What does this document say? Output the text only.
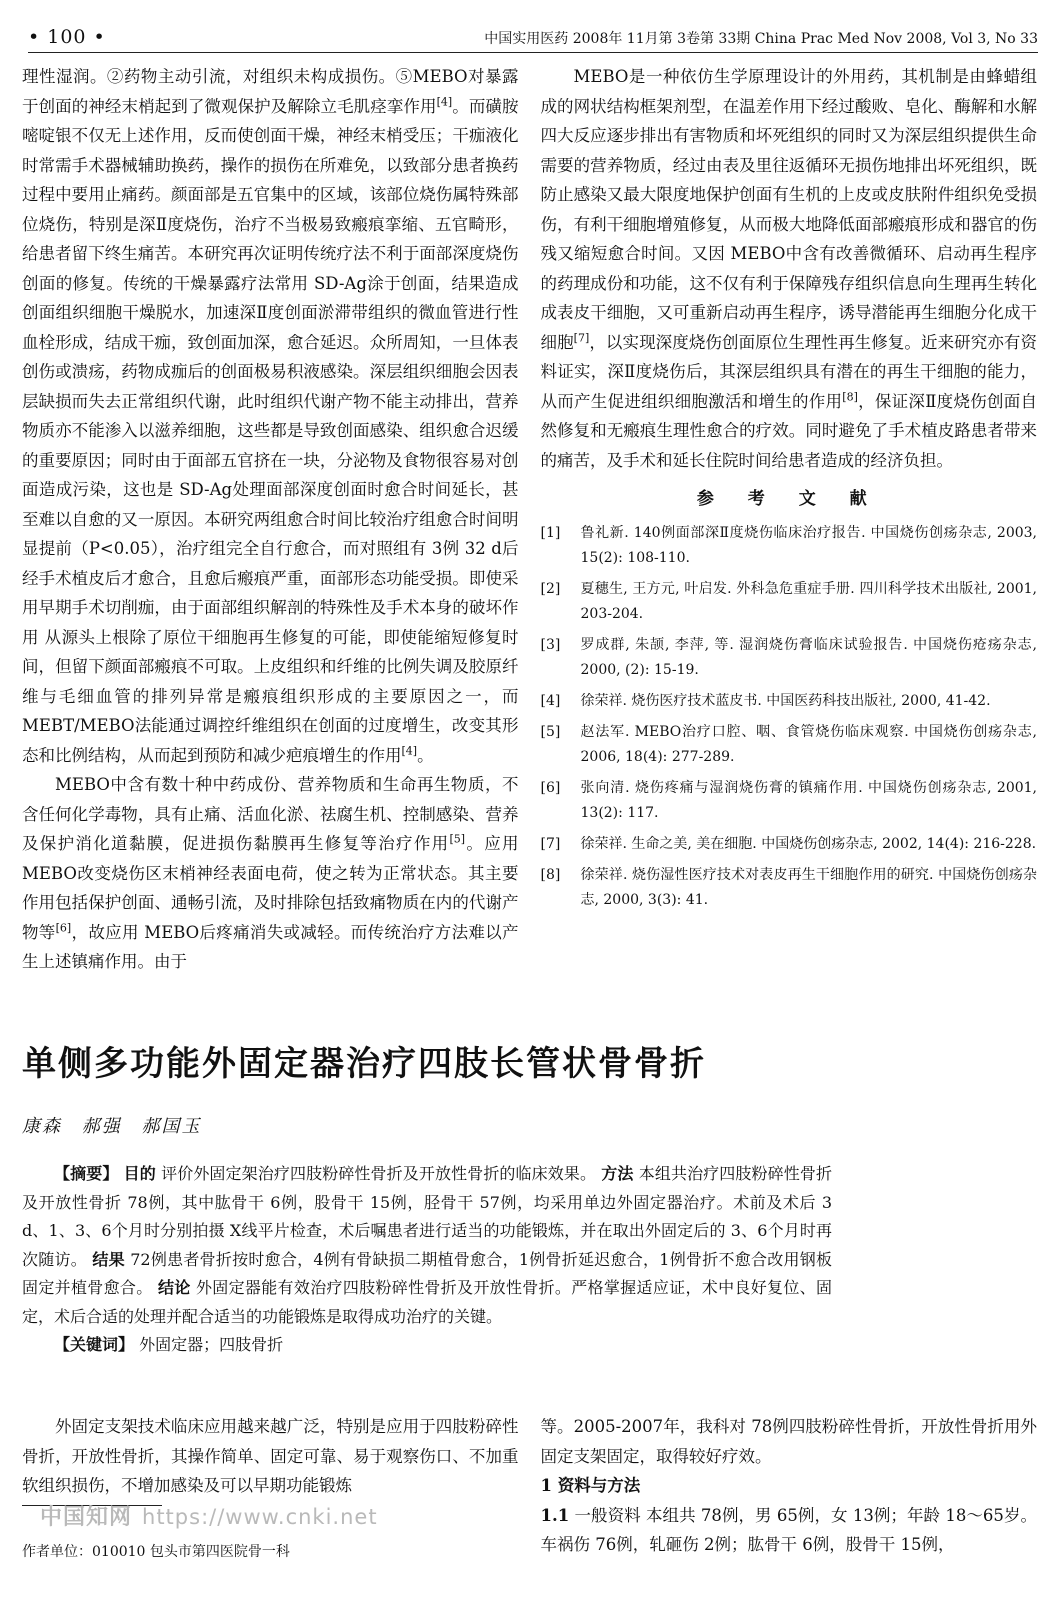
• 100 •	中国实用医药 2008年 11月第 3卷第 33期 China Prac Med Nov 2008, Vol 3, No 33

理性湿润。②药物主动引流，对组织未构成损伤。⑤MEBO对暴露于创面的神经末梢起到了微观保护及解除立毛肌痉挛作用[4]。而磺胺嘧啶银不仅无上述作用，反而使创面干燥，神经末梢受压；干痂液化时常需手术器械辅助换药，操作的损伤在所难免，以致部分患者换药过程中要用止痛药。颜面部是五官集中的区域，该部位烧伤属特殊部位烧伤，特别是深Ⅱ度烧伤，治疗不当极易致瘢痕挛缩、五官畸形，给患者留下终生痛苦。本研究再次证明传统疗法不利于面部深度烧伤创面的修复。传统的干燥暴露疗法常用 SD-Ag涂于创面，结果造成创面组织细胞干燥脱水，加速深Ⅱ度创面淤滞带组织的微血管进行性血栓形成，结成干痂，致创面加深，愈合延迟。众所周知，一旦体表创伤或溃疡，药物成痂后的创面极易积液感染。深层组织细胞会因表层缺损而失去正常组织代谢，此时组织代谢产物不能主动排出，营养物质亦不能渗入以滋养细胞，这些都是导致创面感染、组织愈合迟缓的重要原因；同时由于面部五官挤在一块，分泌物及食物很容易对创面造成污染，这也是 SD-Ag处理面部深度创面时愈合时间延长，甚至难以自愈的又一原因。本研究两组愈合时间比较治疗组愈合时间明显提前（P<0.05），治疗组完全自行愈合，而对照组有 3例 32 d后经手术植皮后才愈合，且愈后瘢痕严重，面部形态功能受损。即使采用早期手术切削痂，由于面部组织解剖的特殊性及手术本身的破坏作用 从源头上根除了原位干细胞再生修复的可能，即使能缩短修复时间，但留下颜面部瘢痕不可取。上皮组织和纤维的比例失调及胶原纤维与毛细血管的排列异常是瘢痕组织形成的主要原因之一，而 MEBT/MEBO法能通过调控纤维组织在创面的过度增生，改变其形态和比例结构，从而起到预防和减少疤痕增生的作用[4]。

MEBO中含有数十种中药成份、营养物质和生命再生物质，不含任何化学毒物，具有止痛、活血化淤、祛腐生机、控制感染、营养及保护消化道黏膜，促进损伤黏膜再生修复等治疗作用[5]。应用 MEBO改变烧伤区末梢神经表面电荷，使之转为正常状态。其主要作用包括保护创面、通畅引流，及时排除包括致痛物质在内的代谢产物等[6]，故应用 MEBO后疼痛消失或减轻。而传统治疗方法难以产生上述镇痛作用。由于

MEBO是一种依仿生学原理设计的外用药，其机制是由蜂蜡组成的网状结构框架剂型，在温差作用下经过酸败、皂化、酶解和水解四大反应逐步排出有害物质和坏死组织的同时又为深层组织提供生命需要的营养物质，经过由表及里往返循环无损伤地排出坏死组织，既防止感染又最大限度地保护创面有生机的上皮或皮肤附件组织免受损伤，有利干细胞增殖修复，从而极大地降低面部瘢痕形成和器官的伤残又缩短愈合时间。又因 MEBO中含有改善微循环、启动再生程序的药理成份和功能，这不仅有利于保障残存组织信息向生理再生转化成表皮干细胞，又可重新启动再生程序，诱导潜能再生细胞分化成干细胞[7]，以实现深度烧伤创面原位生理性再生修复。近来研究亦有资料证实，深Ⅱ度烧伤后，其深层组织具有潜在的再生干细胞的能力，从而产生促进组织细胞激活和增生的作用[8]，保证深Ⅱ度烧伤创面自然修复和无瘢痕生理性愈合的疗效。同时避免了手术植皮路患者带来的痛苦，及手术和延长住院时间给患者造成的经济负担。

参 考 文 献
[1]	鲁礼新. 140例面部深Ⅱ度烧伤临床治疗报告. 中国烧伤创疡杂志, 2003, 15(2): 108-110.
[2]	夏穗生, 王方元, 叶启发. 外科急危重症手册. 四川科学技术出版社, 2001, 203-204.
[3]	罗成群, 朱颉, 李萍, 等. 湿润烧伤膏临床试验报告. 中国烧伤疮疡杂志, 2000, (2): 15-19.
[4]	徐荣祥. 烧伤医疗技术蓝皮书. 中国医药科技出版社, 2000, 41-42.
[5]	赵法军. MEBO治疗口腔、咽、食管烧伤临床观察. 中国烧伤创疡杂志, 2006, 18(4): 277-289.
[6]	张向清. 烧伤疼痛与湿润烧伤膏的镇痛作用. 中国烧伤创疡杂志, 2001, 13(2): 117.
[7]	徐荣祥. 生命之美, 美在细胞. 中国烧伤创疡杂志, 2002, 14(4): 216-228.
[8]	徐荣祥. 烧伤湿性医疗技术对表皮再生干细胞作用的研究. 中国烧伤创疡杂志, 2000, 3(3): 41.
单侧多功能外固定器治疗四肢长管状骨骨折
康森 郝强 郝国玉

【摘要】 目的 评价外固定架治疗四肢粉碎性骨折及开放性骨折的临床效果。 方法 本组共治疗四肢粉碎性骨折及开放性骨折 78例，其中肱骨干 6例，股骨干 15例，胫骨干 57例，均采用单边外固定器治疗。术前及术后 3 d、1、3、6个月时分别拍摄 X线平片检查，术后嘱患者进行适当的功能锻炼，并在取出外固定后的 3、6个月时再次随访。 结果 72例患者骨折按时愈合，4例有骨缺损二期植骨愈合，1例骨折延迟愈合，1例骨折不愈合改用钢板固定并植骨愈合。 结论 外固定器能有效治疗四肢粉碎性骨折及开放性骨折。严格掌握适应证，术中良好复位、固定，术后合适的处理并配合适当的功能锻炼是取得成功治疗的关键。

【关键词】 外固定器；四肢骨折

外固定支架技术临床应用越来越广泛，特别是应用于四肢粉碎性骨折，开放性骨折，其操作简单、固定可靠、易于观察伤口、不加重软组织损伤，不增加感染及可以早期功能锻炼

等。2005-2007年，我科对 78例四肢粉碎性骨折，开放性骨折用外固定支架固定，取得较好疗效。

1 资料与方法

1.1 一般资料 本组共 78例，男 65例，女 13例；年龄 18～65岁。车祸伤 76例，轧砸伤 2例；肱骨干 6例，股骨干 15例，

作者单位：010010 包头市第四医院骨一科
中国知网 https://www.cnki.net
